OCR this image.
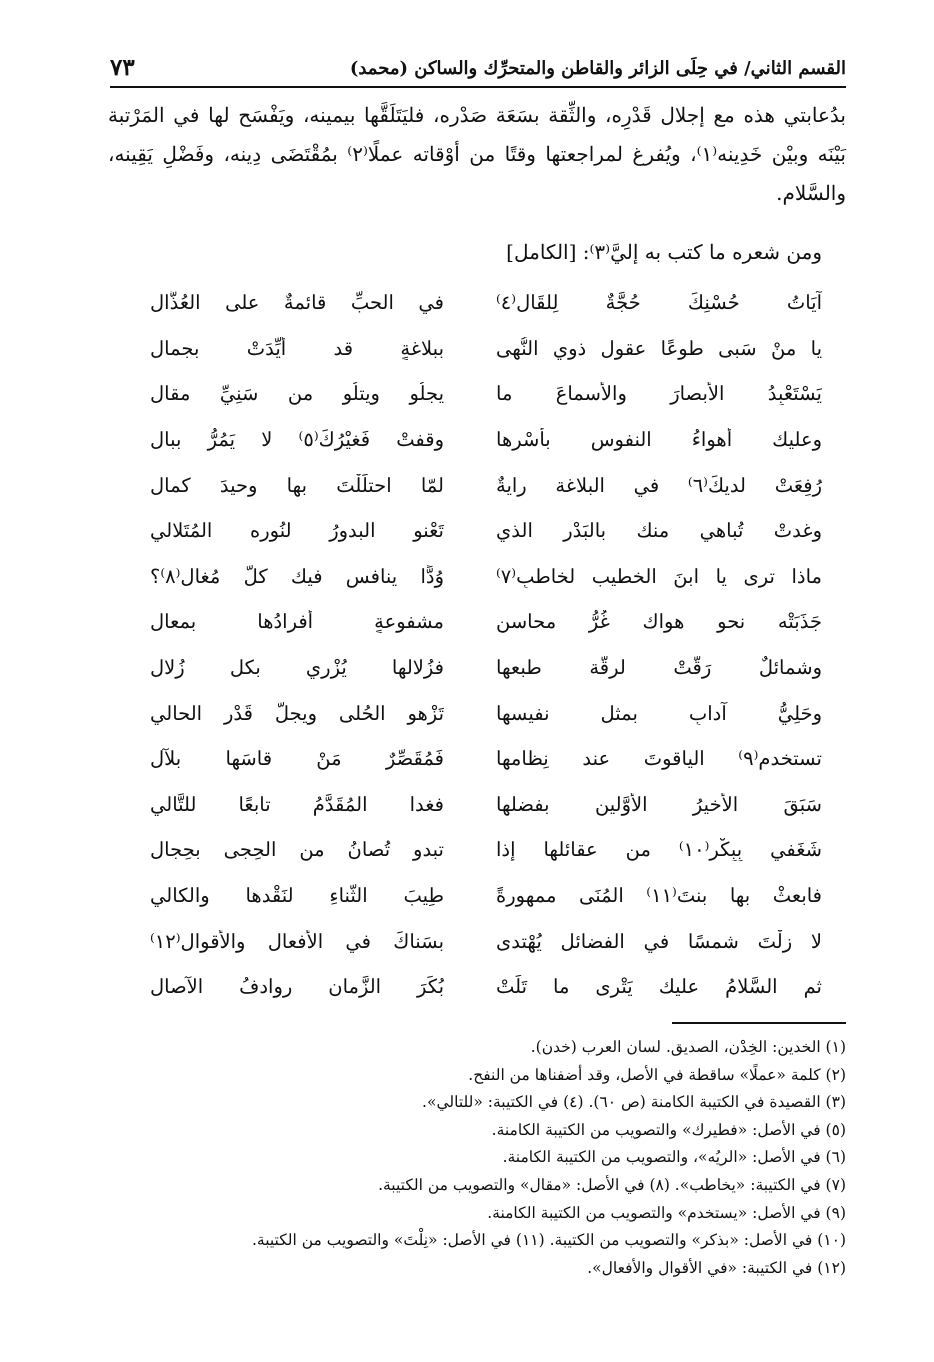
القسم الثاني/ في حِلَى الزائر والقاطن والمتحرِّك والساكن (محمد)
٧٣

بدُعابتي هذه مع إجلال قَدْرِه، والثِّقة بسَعَة صَدْره، فليَتَلَقَّها بيمينه، ويَفْسَح لها في المَرْتبة بَيْنَه وبيْن خَدِينه⁽١⁾، ويُفرغ لمراجعتها وقتًا من أوْقاته عملًا⁽٢⁾ بمُقْتَضَى دِينه، وفَضْلِ يَقِينه، والسَّلام.

ومن شعره ما كتب به إليَّ⁽٣⁾: [الكامل]
آيَاتُ حُسْنِكَ حُجَّةٌ لِلقَالِ⁽٤⁾
في الحبِّ قائمةٌ على العُذَّالِ
يا منْ سَبى طوعًا عقول ذوي النُّهى
ببلاغةٍ قد أُيِّدَتْ بجمالِ
يَسْتَعْبِدُ الأبصارَ والأسماعَ ما
يجلُو ويتلُو من سَنِيِّ مقالِ
وعليك أهواءُ النفوس بأسْرِها
وقفتْ فَغيْرُكَ⁽٥⁾ لا يَمُرُّ ببالِ
رُفِعَتْ لديكَ⁽٦⁾ في البلاغة رايةٌ
لمّا احتلَلْتَ بها وحيدَ كمال
وغدتْ تُباهي منك بالبَدْر الذي
تَعْنو البدورُ لنُوره المُتَلالي
ماذا ترى يا ابنَ الخطيب لخاطبٍ⁽٧⁾
وُدًّا ينافس فيك كلَّ مُغال⁽٨⁾؟
جَذَبَتْه نحو هواك غُرُّ محاسنٍ
مشفوعةٍ أفرادُها بمعالِ
وشمائلٌ رَقَّتْ لرِقَّة طبعها
فزُلالها يُزْري بكل زُلال
وحَلِيُّ آدابٍ بمثلِ نفيسها
تَزْهو الحُلى ويجلُّ قَدْر الحالي
تستخدم⁽٩⁾ الياقوتَ عند نِظامها
فَمُقَصِّرٌ مَنْ قاسَها بلآل
سَبَقَ الأخيرُ الأوَّلين بفضلها
فغدا المُقَدَّمُ تابعًا للتَّالي
شَغَفي بِبِكْرٍ⁽١٠⁾ من عقائلها إذا
تبدو تُصانُ من الحِجى بحِجال
فابعثْ بها بنتَ⁽١١⁾ المُنَى ممهورةً
طِيبَ الثَّناءِ لنَقْدها والكالي
لا زلْتَ شمسًا في الفضائل يُهْتدى
بسَناكَ في الأفعال والأقوال⁽١٢⁾
ثم السَّلامُ عليك يَتْرى ما تَلَتْ
بُكَرَ الزَّمان روادفُ الآصال
(١) الخدين: الخِدْن، الصديق. لسان العرب (خدن).
(٢) كلمة «عملًا» ساقطة في الأصل، وقد أضفناها من النفح.
(٣) القصيدة في الكتيبة الكامنة (ص ٦٠). (٤) في الكتيبة: «للتالي».
(٥) في الأصل: «فطيرك» والتصويب من الكتيبة الكامنة.
(٦) في الأصل: «الريُه»، والتصويب من الكتيبة الكامنة.
(٧) في الكتيبة: «يخاطب». (٨) في الأصل: «مقال» والتصويب من الكتيبة.
(٩) في الأصل: «يستخدم» والتصويب من الكتيبة الكامنة.
(١٠) في الأصل: «بذكر» والتصويب من الكتيبة. (١١) في الأصل: «نِلْتَ» والتصويب من الكتيبة.
(١٢) في الكتيبة: «في الأقوال والأفعال».
